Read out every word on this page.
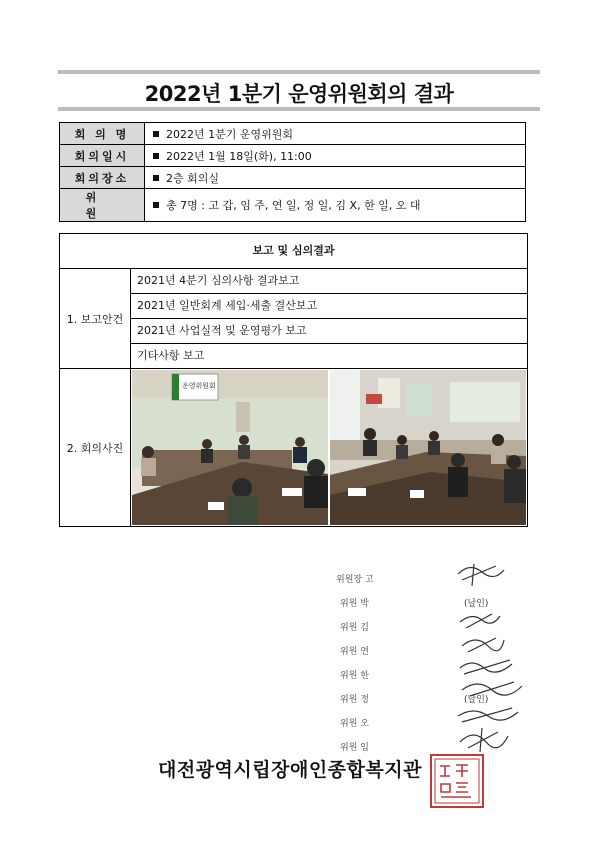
2022년 1분기 운영위원회의 결과
회 의 명	2022년 1분기 운영위원회
회의일시	2022년 1월 18일(화), 11:00
회의장소	2층 회의실
위 원	총 7명 : 고 갑, 임 주, 연 일, 정 일, 김 X, 한 일, 오 대
보고 및 심의결과
1. 보고안건
2021년 4분기 심의사항 결과보고
2021년 일반회계 세입·세출 결산보고
2021년 사업실적 및 운영평가 보고
기타사항 보고
2. 회의사진
운영위원회
위원장 고
위원 박	(날인)
위원 김
위원 연
위원 한
위원 정	(날인)
위원 오
위원 임
대전광역시립장애인종합복지관
